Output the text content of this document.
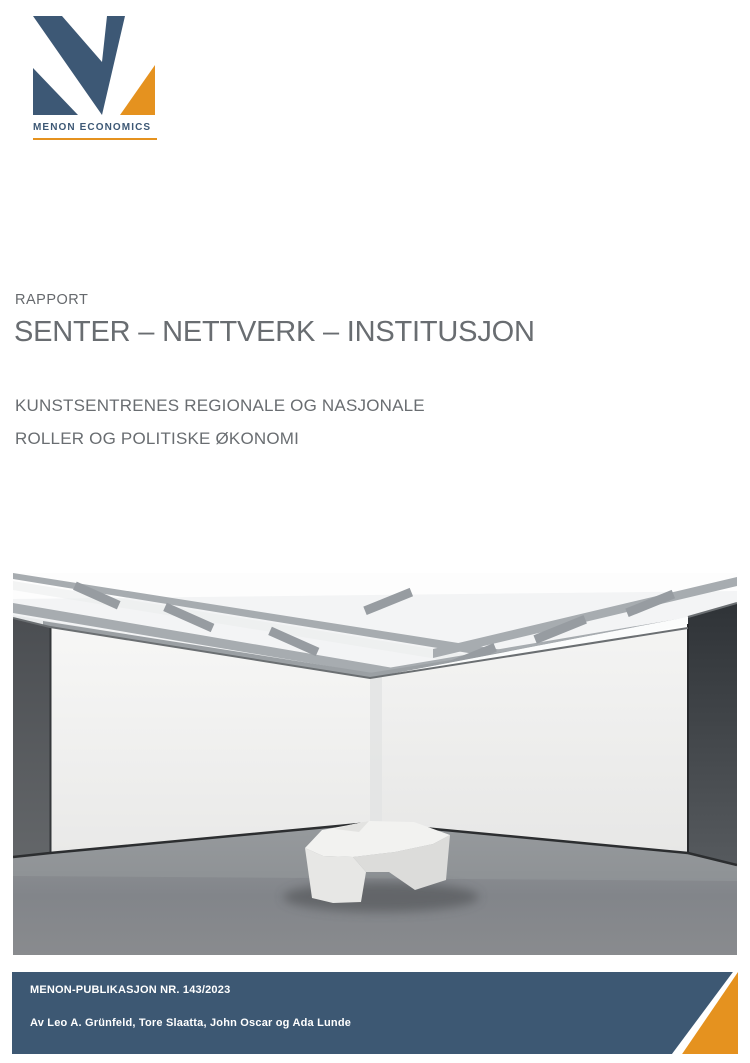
MENON ECONOMICS
RAPPORT
SENTER – NETTVERK – INSTITUSJON

KUNSTSENTRENES REGIONALE OG NASJONALE

ROLLER OG POLITISKE ØKONOMI

MENON-PUBLIKASJON NR. 143/2023
Av Leo A. Grünfeld, Tore Slaatta, John Oscar og Ada Lunde
